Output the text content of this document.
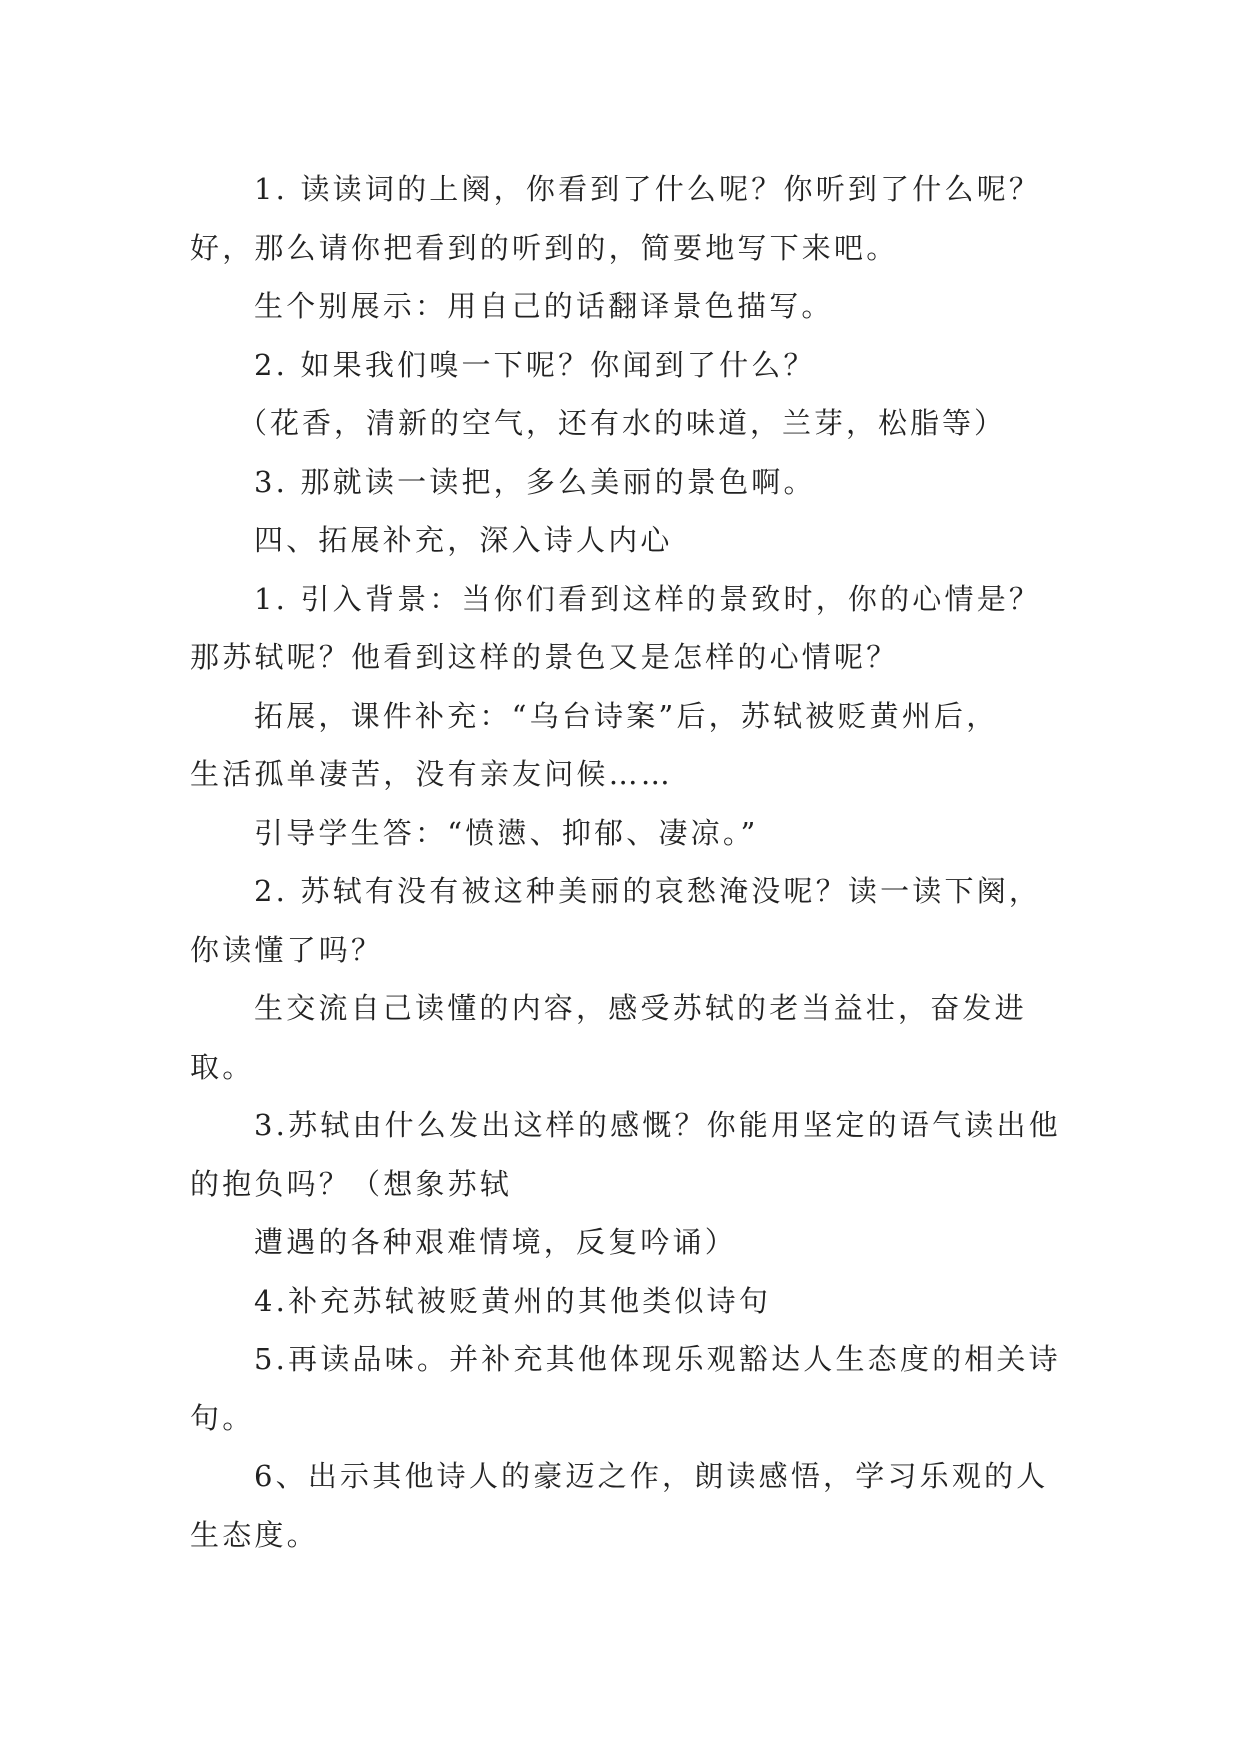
1. 读读词的上阕，你看到了什么呢？你听到了什么呢？好，那么请你把看到的听到的，简要地写下来吧。

生个别展示：用自己的话翻译景色描写。

2. 如果我们嗅一下呢？你闻到了什么？

（花香，清新的空气，还有水的味道，兰芽，松脂等）

3. 那就读一读把，多么美丽的景色啊。

四、拓展补充，深入诗人内心

1. 引入背景：当你们看到这样的景致时，你的心情是？那苏轼呢？他看到这样的景色又是怎样的心情呢？

拓展，课件补充：“乌台诗案”后，苏轼被贬黄州后，

生活孤单凄苦，没有亲友问候……

引导学生答：“愤懑、抑郁、凄凉。”

2. 苏轼有没有被这种美丽的哀愁淹没呢？读一读下阕，你读懂了吗？

生交流自己读懂的内容，感受苏轼的老当益壮，奋发进取。

3.苏轼由什么发出这样的感慨？你能用坚定的语气读出他的抱负吗？（想象苏轼

遭遇的各种艰难情境，反复吟诵）

4.补充苏轼被贬黄州的其他类似诗句

5.再读品味。并补充其他体现乐观豁达人生态度的相关诗句。

6、出示其他诗人的豪迈之作，朗读感悟，学习乐观的人生态度。
